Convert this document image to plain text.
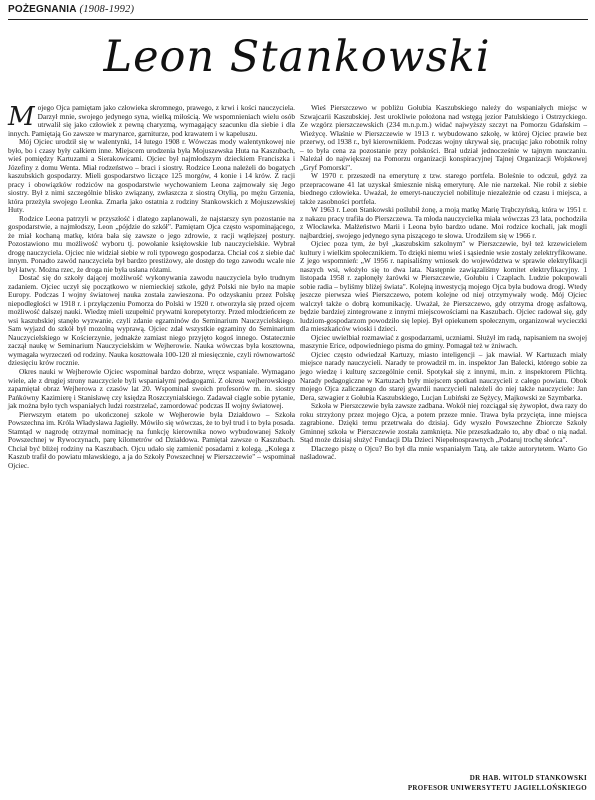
POŻEGNANIA (1908-1992)
Leon Stankowski

Mojego Ojca pamiętam jako człowieka skromnego, prawego, z krwi i kości nauczyciela. Darzył mnie, swojego jedynego syna, wielką miłością. We wspomnieniach wielu osób utrwalił się jako człowiek z pewną charyzmą, wymagający szacunku dla siebie i dla innych. Pamiętają Go zawsze w marynarce, garniturze, pod krawatem i w kapeluszu.

Mój Ojciec urodził się w walentynki, 14 lutego 1908 r. Wówczas mody walentynkowej nie było, bo i czasy były całkiem inne. Miejscem urodzenia była Mojuszewska Huta na Kaszubach, wieś pomiędzy Kartuzami a Sierakowicami. Ojciec był najmłodszym dzieckiem Franciszka i Józefiny z domu Wenta. Miał rodzeństwo – braci i siostry. Rodzice Leona należeli do bogatych kaszubskich gospodarzy. Mieli gospodarstwo liczące 125 morgów, 4 konie i 14 krów. Z racji pracy i obowiązków rodziców na gospodarstwie wychowaniem Leona zajmowały się Jego siostry. Był z nimi szczególnie blisko związany, zwłaszcza z siostrą Otylią, po mężu Grzenia, która przeżyła swojego Leonka. Zmarła jako ostatnia z rodziny Stankowskich z Mojuszewskiej Huty.

Rodzice Leona patrzyli w przyszłość i dlatego zaplanowali, że najstarszy syn pozostanie na gospodarstwie, a najmłodszy, Leon „pójdzie do szkół". Pamiętam Ojca często wspominającego, że miał kochaną matkę, która bała się zawsze o jego zdrowie, z racji wątłejszej postury. Pozostawiono mu możliwość wyboru tj. powołanie księżowskie lub nauczycielskie. Wybrał drogę nauczyciela. Ojciec nie widział siebie w roli typowego gospodarza. Chciał coś z siebie dać innym. Ponadto zawód nauczyciela był bardzo prestiżowy, ale dostęp do tego zawodu wcale nie był łatwy. Można rzec, że droga nie była usłana różami.

Dostać się do szkoły dającej możliwość wykonywania zawodu nauczyciela było trudnym zadaniem. Ojciec uczył się początkowo w niemieckiej szkole, gdyż Polski nie było na mapie Europy. Podczas I wojny światowej nauka została zawieszona. Po odzyskaniu przez Polskę niepodległości w 1918 r. i przyłączeniu Pomorza do Polski w 1920 r. otworzyła się przed ojcem możliwość dalszej nauki. Wiedzę mieli uzupełnić prywatni korepetytorzy. Przed młodzieńcem ze wsi kaszubskiej stanęło wyzwanie, czyli zdanie egzaminów do Seminarium Nauczycielskiego. Sam wyjazd do szkół był mozolną wyprawą. Ojciec zdał wszystkie egzaminy do Seminarium Nauczycielskiego w Kościerzynie, jednakże zamiast niego przyjęto kogoś innego. Ostatecznie zaczął naukę w Seminarium Nauczycielskim w Wejherowie. Nauka wówczas była kosztowna, wymagała wyrzeczeń od rodziny. Nauka kosztowała 100-120 zł miesięcznie, czyli równowartość dziesięciu krów rocznie.

Okres nauki w Wejherowie Ojciec wspominał bardzo dobrze, wręcz wspaniale. Wymagano wiele, ale z drugiej strony nauczyciele byli wspaniałymi pedagogami. Z okresu wejherowskiego zapamiętał obraz Wejherowa z czasów lat 20. Wspominał swoich profesorów m. in. siostry Pańkówny Kazimierę i Stanisławę czy księdza Roszczynialskiego. Zadawał ciągle sobie pytanie, jak można było tych wspaniałych ludzi rozstrzelać, zamordować podczas II wojny światowej.

Pierwszym etatem po ukończonej szkole w Wejherowie była Działdowo – Szkoła Powszechna im. Króla Władysława Jagiełły. Mówiło się wówczas, że to był trud i to była posada. Stamtąd w nagrodę otrzymał nominację na funkcję kierownika nowo wybudowanej Szkoły Powszechnej w Rywoczynach, parę kilometrów od Działdowa. Pamiętał zawsze o Kaszubach. Chciał być bliżej rodziny na Kaszubach. Ojcu udało się zamienić posadami z kolegą. „Kolega z Kaszub trafił do powiatu mławskiego, a ja do Szkoły Powszechnej w Pierszczewie" – wspominał Ojciec.

Wieś Pierszczewo w pobliżu Gołubia Kaszubskiego należy do wspaniałych miejsc w Szwajcarii Kaszubskiej. Jest urokliwie położona nad wstęgą jezior Patulskiego i Ostrzyckiego. Ze wzgórz pierszczewskich (234 m.n.p.m.) widać najwyższy szczyt na Pomorzu Gdańskim – Wieżycę. Właśnie w Pierszczewie w 1913 r. wybudowano szkołę, w której Ojciec prawie bez przerwy, od 1938 r., był kierownikiem. Podczas wojny ukrywał się, pracując jako robotnik rolny – to była cena za pozostanie przy polskości. Brał udział jednocześnie w tajnym nauczaniu. Należał do największej na Pomorzu organizacji konspiracyjnej Tajnej Organizacji Wojskowej „Gryf Pomorski".

W 1970 r. przeszedł na emeryturę z tzw. starego portfela. Boleśnie to odczuł, gdyż za przepracowane 41 lat uzyskał śmiesznie niską emeryturę. Ale nie narzekał. Nie robił z siebie biednego człowieka. Uważał, że emeryt-nauczyciel nobilituje niezależnie od czasu i miejsca, a także zasobności portfela.

W 1963 r. Leon Stankowski poślubił żonę, a moją matkę Marię Trąbczyńską, która w 1951 r. z nakazu pracy trafiła do Pierszczewa. Ta młoda nauczycielka miała wówczas 23 lata, pochodziła z Włocławka. Małżeństwo Marii i Leona było bardzo udane. Moi rodzice kochali, jak mogli najbardziej, swojego jedynego syna piszącego te słowa. Urodziłem się w 1966 r.

Ojciec poza tym, że był „kaszubskim szkolnym" w Pierszczewie, był też krzewicielem kultury i wielkim społecznikiem. To dzięki niemu wieś i sąsiednie wsie zostały zelektryfikowane. Z jego wspomnień: „W 1956 r. napisaliśmy wniosek do województwa w sprawie elektryfikacji naszych wsi, włożyło się to dwa lata. Następnie zawiązaliśmy komitet elektryfikacyjny. 1 listopada 1958 r. zapłonęły żarówki w Pierszczewie, Gołubiu i Czaplach. Ludzie pokupowali sobie radia – byliśmy bliżej świata". Kolejną inwestycją mojego Ojca była budowa drogi. Wtedy jeszcze pierwsza wieś Pierszczewo, potem kolejne od niej otrzymywały wodę. Mój Ojciec walczył także o dobrą komunikację. Uważał, że Pierszczewo, gdy otrzyma drogę asfaltową, będzie bardziej zintegrowane z innymi miejscowościami na Kaszubach. Ojciec radował się, gdy ludziom-gospodarzom powodziło się lepiej. Był opiekunem społecznym, organizował wycieczki dla mieszkańców wioski i dzieci.

Ojciec uwielbiał rozmawiać z gospodarzami, uczniami. Służył im radą, napisaniem na swojej maszynie Erice, odpowiedniego pisma do gminy. Pomagał też w żniwach.

Ojciec często odwiedzał Kartuzy, miasto inteligencji – jak mawiał. W Kartuzach miały miejsce narady nauczycieli. Narady te prowadził m. in. inspektor Jan Balecki, którego sobie za jego wiedzę i kulturę szczególnie cenił. Spotykał się z innymi, m.in. z inspektorem Plichtą. Narady pedagogiczne w Kartuzach były miejscem spotkań nauczycieli z całego powiatu. Obok mojego Ojca zaliczanego do starej gwardii nauczycieli należeli do niej także nauczyciele: Jan Dera, szwagier z Gołubia Kaszubskiego, Lucjan Lubiński ze Sężycy, Majkowski ze Szymbarka.

Szkoła w Pierszczewie była zawsze zadbana. Wokół niej rozciągał się żywopłot, dwa razy do roku strzyżony przez mojego Ojca, a potem przeze mnie. Trawa była przycięta, inne miejsca zagrabione. Dzięki temu przetrwała do dzisiaj. Gdy wyszło Powszechne Zbiorcze Szkoły Gminnej szkoła w Pierszczewie została zamknięta. Nie przeszkadzało to, aby dbać o nią nadal. Stąd może dzisiaj służyć Fundacji Dla Dzieci Niepełnosprawnych „Podaruj trochę słońca".

Dlaczego piszę o Ojcu? Bo był dla mnie wspaniałym Tatą, ale także autorytetem. Warto Go naśladować.

DR HAB. WITOLD STANKOWSKI
PROFESOR UNIWERSYTETU JAGIELLOŃSKIEGO
